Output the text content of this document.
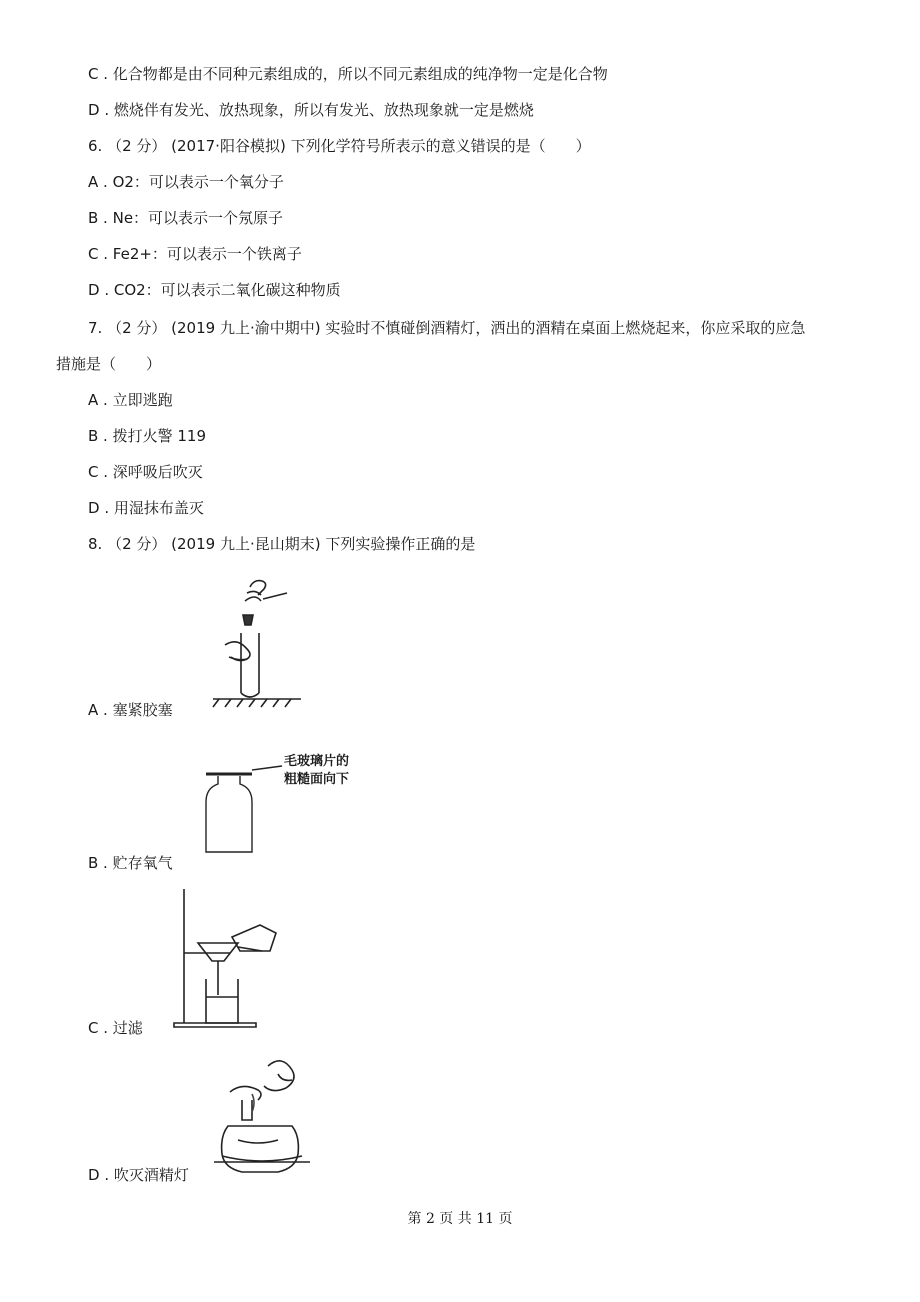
C . 化合物都是由不同种元素组成的，所以不同元素组成的纯净物一定是化合物
D . 燃烧伴有发光、放热现象，所以有发光、放热现象就一定是燃烧
6. （2 分） (2017·阳谷模拟) 下列化学符号所表示的意义错误的是（　　）
A . O2：可以表示一个氧分子
B . Ne：可以表示一个氖原子
C . Fe2+：可以表示一个铁离子
D . CO2：可以表示二氧化碳这种物质
7. （2 分） (2019 九上·渝中期中) 实验时不慎碰倒酒精灯，洒出的酒精在桌面上燃烧起来，你应采取的应急
措施是（　　）
A . 立即逃跑
B . 拨打火警 119
C . 深呼吸后吹灭
D . 用湿抹布盖灭
8. （2 分） (2019 九上·昆山期末) 下列实验操作正确的是
A . 塞紧胶塞
毛玻璃片的
粗糙面向下
B . 贮存氧气
C . 过滤
D . 吹灭酒精灯
第 2 页 共 11 页
